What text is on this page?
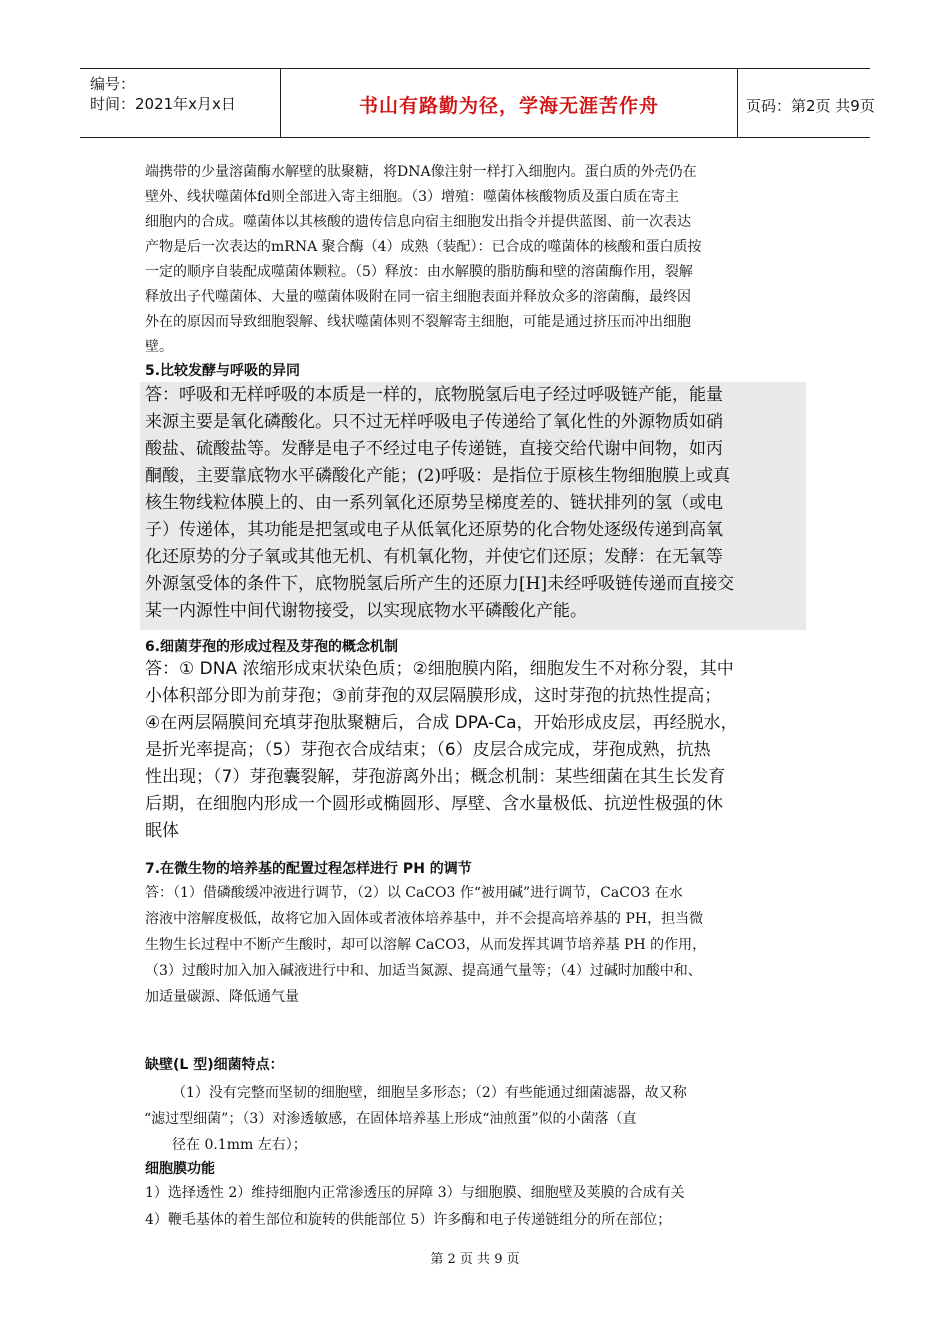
编号：
时间：2021年x月x日	书山有路勤为径，学海无涯苦作舟	页码：第2页 共9页
端携带的少量溶菌酶水解壁的肽聚糖，将DNA像注射一样打入细胞内。蛋白质的外壳仍在
壁外、线状噬菌体fd则全部进入寄主细胞。（3）增殖：噬菌体核酸物质及蛋白质在寄主
细胞内的合成。噬菌体以其核酸的遗传信息向宿主细胞发出指令并提供蓝图、前一次表达
产物是后一次表达的mRNA 聚合酶（4）成熟（装配）：已合成的噬菌体的核酸和蛋白质按
一定的顺序自装配成噬菌体颗粒。（5）释放：由水解膜的脂肪酶和壁的溶菌酶作用，裂解
释放出子代噬菌体、大量的噬菌体吸附在同一宿主细胞表面并释放众多的溶菌酶，最终因
外在的原因而导致细胞裂解、线状噬菌体则不裂解寄主细胞，可能是通过挤压而冲出细胞
壁。
5.比较发酵与呼吸的异同
答：呼吸和无样呼吸的本质是一样的，底物脱氢后电子经过呼吸链产能，能量
来源主要是氧化磷酸化。只不过无样呼吸电子传递给了氧化性的外源物质如硝
酸盐、硫酸盐等。发酵是电子不经过电子传递链，直接交给代谢中间物，如丙
酮酸，主要靠底物水平磷酸化产能；(2)呼吸：是指位于原核生物细胞膜上或真
核生物线粒体膜上的、由一系列氧化还原势呈梯度差的、链状排列的氢（或电
子）传递体，其功能是把氢或电子从低氧化还原势的化合物处逐级传递到高氧
化还原势的分子氧或其他无机、有机氧化物，并使它们还原；发酵：在无氧等
外源氢受体的条件下，底物脱氢后所产生的还原力[H]未经呼吸链传递而直接交
某一内源性中间代谢物接受，以实现底物水平磷酸化产能。
6.细菌芽孢的形成过程及芽孢的概念机制
答：① DNA 浓缩形成束状染色质；②细胞膜内陷，细胞发生不对称分裂，其中
小体积部分即为前芽孢；③前芽孢的双层隔膜形成，这时芽孢的抗热性提高；
④在两层隔膜间充填芽孢肽聚糖后，合成 DPA-Ca，开始形成皮层，再经脱水，
是折光率提高；（5）芽孢衣合成结束；（6）皮层合成完成，芽孢成熟，抗热
性出现；（7）芽孢囊裂解，芽孢游离外出；概念机制：某些细菌在其生长发育
后期，在细胞内形成一个圆形或椭圆形、厚壁、含水量极低、抗逆性极强的休
眠体
7.在微生物的培养基的配置过程怎样进行 PH 的调节
答：（1）借磷酸缓冲液进行调节，（2）以 CaCO3 作“被用碱”进行调节，CaCO3 在水
溶液中溶解度极低，故将它加入固体或者液体培养基中，并不会提高培养基的 PH，担当微
生物生长过程中不断产生酸时，却可以溶解 CaCO3，从而发挥其调节培养基 PH 的作用，
（3）过酸时加入加入碱液进行中和、加适当氮源、提高通气量等；（4）过碱时加酸中和、
加适量碳源、降低通气量
缺壁(L 型)细菌特点：
（1）没有完整而坚韧的细胞壁，细胞呈多形态；（2）有些能通过细菌滤器，故又称
“滤过型细菌”；（3）对渗透敏感，在固体培养基上形成“油煎蛋”似的小菌落（直
径在 0.1mm 左右）；
细胞膜功能
1）选择透性 2）维持细胞内正常渗透压的屏障 3）与细胞膜、细胞壁及荚膜的合成有关
4）鞭毛基体的着生部位和旋转的供能部位 5）许多酶和电子传递链组分的所在部位；
第 2 页 共 9 页
